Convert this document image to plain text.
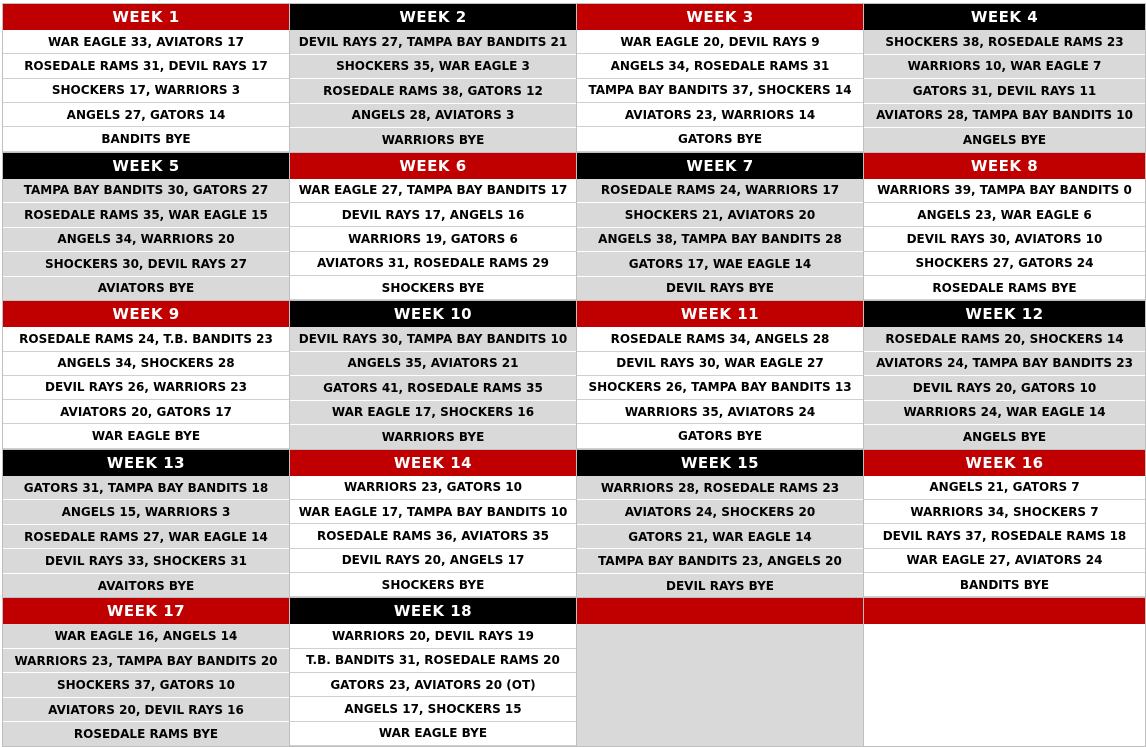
WEEK 1
WAR EAGLE 33, AVIATORS 17
ROSEDALE RAMS 31, DEVIL RAYS 17
SHOCKERS 17, WARRIORS 3
ANGELS 27, GATORS 14
BANDITS BYE
WEEK 2
DEVIL RAYS 27, TAMPA BAY BANDITS 21
SHOCKERS 35, WAR EAGLE 3
ROSEDALE RAMS 38, GATORS 12
ANGELS 28, AVIATORS 3
WARRIORS BYE
WEEK 3
WAR EAGLE 20, DEVIL RAYS 9
ANGELS 34, ROSEDALE RAMS 31
TAMPA BAY BANDITS 37, SHOCKERS 14
AVIATORS 23, WARRIORS 14
GATORS BYE
WEEK 4
SHOCKERS 38, ROSEDALE RAMS 23
WARRIORS 10, WAR EAGLE 7
GATORS 31, DEVIL RAYS 11
AVIATORS 28, TAMPA BAY BANDITS 10
ANGELS BYE
WEEK 5
TAMPA BAY BANDITS 30, GATORS 27
ROSEDALE RAMS 35, WAR EAGLE 15
ANGELS 34, WARRIORS 20
SHOCKERS 30, DEVIL RAYS 27
AVIATORS BYE
WEEK 6
WAR EAGLE 27, TAMPA BAY BANDITS 17
DEVIL RAYS 17, ANGELS 16
WARRIORS 19, GATORS 6
AVIATORS 31, ROSEDALE RAMS 29
SHOCKERS BYE
WEEK 7
ROSEDALE RAMS 24, WARRIORS 17
SHOCKERS 21, AVIATORS 20
ANGELS 38, TAMPA BAY BANDITS 28
GATORS 17, WAE EAGLE 14
DEVIL RAYS BYE
WEEK 8
WARRIORS 39, TAMPA BAY BANDITS 0
ANGELS 23, WAR EAGLE 6
DEVIL RAYS 30, AVIATORS 10
SHOCKERS 27, GATORS 24
ROSEDALE RAMS BYE
WEEK 9
ROSEDALE RAMS 24, T.B. BANDITS 23
ANGELS 34, SHOCKERS 28
DEVIL RAYS 26, WARRIORS 23
AVIATORS 20, GATORS 17
WAR EAGLE BYE
WEEK 10
DEVIL RAYS 30, TAMPA BAY BANDITS 10
ANGELS 35, AVIATORS 21
GATORS 41, ROSEDALE RAMS 35
WAR EAGLE 17, SHOCKERS 16
WARRIORS BYE
WEEK 11
ROSEDALE RAMS 34, ANGELS 28
DEVIL RAYS 30, WAR EAGLE 27
SHOCKERS 26, TAMPA BAY BANDITS 13
WARRIORS 35, AVIATORS 24
GATORS BYE
WEEK 12
ROSEDALE RAMS 20, SHOCKERS 14
AVIATORS 24, TAMPA BAY BANDITS 23
DEVIL RAYS 20, GATORS 10
WARRIORS 24, WAR EAGLE 14
ANGELS BYE
WEEK 13
GATORS 31, TAMPA BAY BANDITS 18
ANGELS 15, WARRIORS 3
ROSEDALE RAMS 27, WAR EAGLE 14
DEVIL RAYS 33, SHOCKERS 31
AVAITORS BYE
WEEK 14
WARRIORS 23, GATORS 10
WAR EAGLE 17, TAMPA BAY BANDITS 10
ROSEDALE RAMS 36, AVIATORS 35
DEVIL RAYS 20, ANGELS 17
SHOCKERS BYE
WEEK 15
WARRIORS 28, ROSEDALE RAMS 23
AVIATORS 24, SHOCKERS 20
GATORS 21, WAR EAGLE 14
TAMPA BAY BANDITS 23, ANGELS 20
DEVIL RAYS BYE
WEEK 16
ANGELS 21, GATORS 7
WARRIORS 34, SHOCKERS 7
DEVIL RAYS 37, ROSEDALE RAMS 18
WAR EAGLE 27, AVIATORS 24
BANDITS BYE
WEEK 17
WAR EAGLE 16, ANGELS 14
WARRIORS 23, TAMPA BAY BANDITS 20
SHOCKERS 37, GATORS 10
AVIATORS 20, DEVIL RAYS 16
ROSEDALE RAMS BYE
WEEK 18
WARRIORS 20, DEVIL RAYS 19
T.B. BANDITS 31, ROSEDALE RAMS 20
GATORS 23, AVIATORS 20 (OT)
ANGELS 17, SHOCKERS 15
WAR EAGLE BYE
